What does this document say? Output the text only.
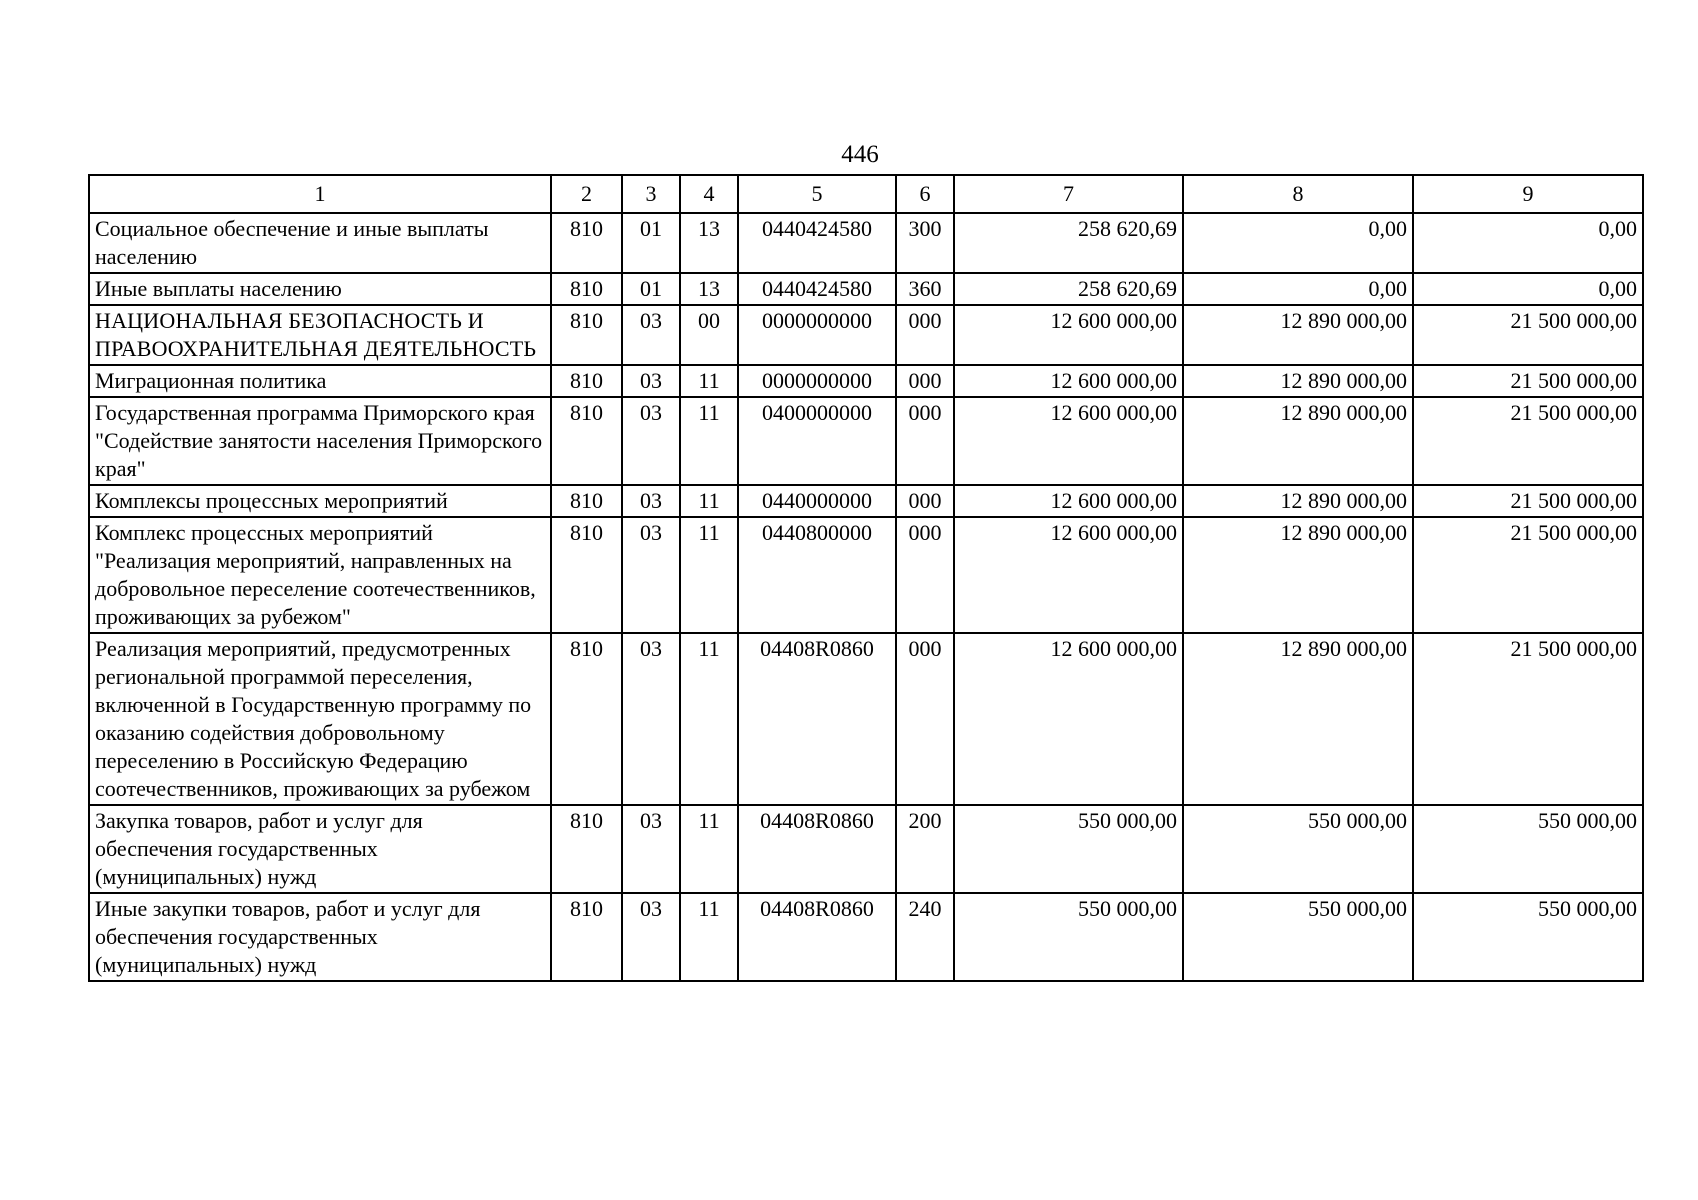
446
1	2	3	4	5	6	7	8	9
Социальное обеспечение и иные выплаты населению	810	01	13	0440424580	300	258 620,69	0,00	0,00
Иные выплаты населению	810	01	13	0440424580	360	258 620,69	0,00	0,00
НАЦИОНАЛЬНАЯ БЕЗОПАСНОСТЬ И ПРАВООХРАНИТЕЛЬНАЯ ДЕЯТЕЛЬНОСТЬ	810	03	00	0000000000	000	12 600 000,00	12 890 000,00	21 500 000,00
Миграционная политика	810	03	11	0000000000	000	12 600 000,00	12 890 000,00	21 500 000,00
Государственная программа Приморского края "Содействие занятости населения Приморского края"	810	03	11	0400000000	000	12 600 000,00	12 890 000,00	21 500 000,00
Комплексы процессных мероприятий	810	03	11	0440000000	000	12 600 000,00	12 890 000,00	21 500 000,00
Комплекс процессных мероприятий "Реализация мероприятий, направленных на добровольное переселение соотечественников, проживающих за рубежом"	810	03	11	0440800000	000	12 600 000,00	12 890 000,00	21 500 000,00
Реализация мероприятий, предусмотренных региональной программой переселения, включенной в Государственную программу по оказанию содействия добровольному переселению в Российскую Федерацию соотечественников, проживающих за рубежом	810	03	11	04408R0860	000	12 600 000,00	12 890 000,00	21 500 000,00
Закупка товаров, работ и услуг для обеспечения государственных (муниципальных) нужд	810	03	11	04408R0860	200	550 000,00	550 000,00	550 000,00
Иные закупки товаров, работ и услуг для обеспечения государственных (муниципальных) нужд	810	03	11	04408R0860	240	550 000,00	550 000,00	550 000,00
